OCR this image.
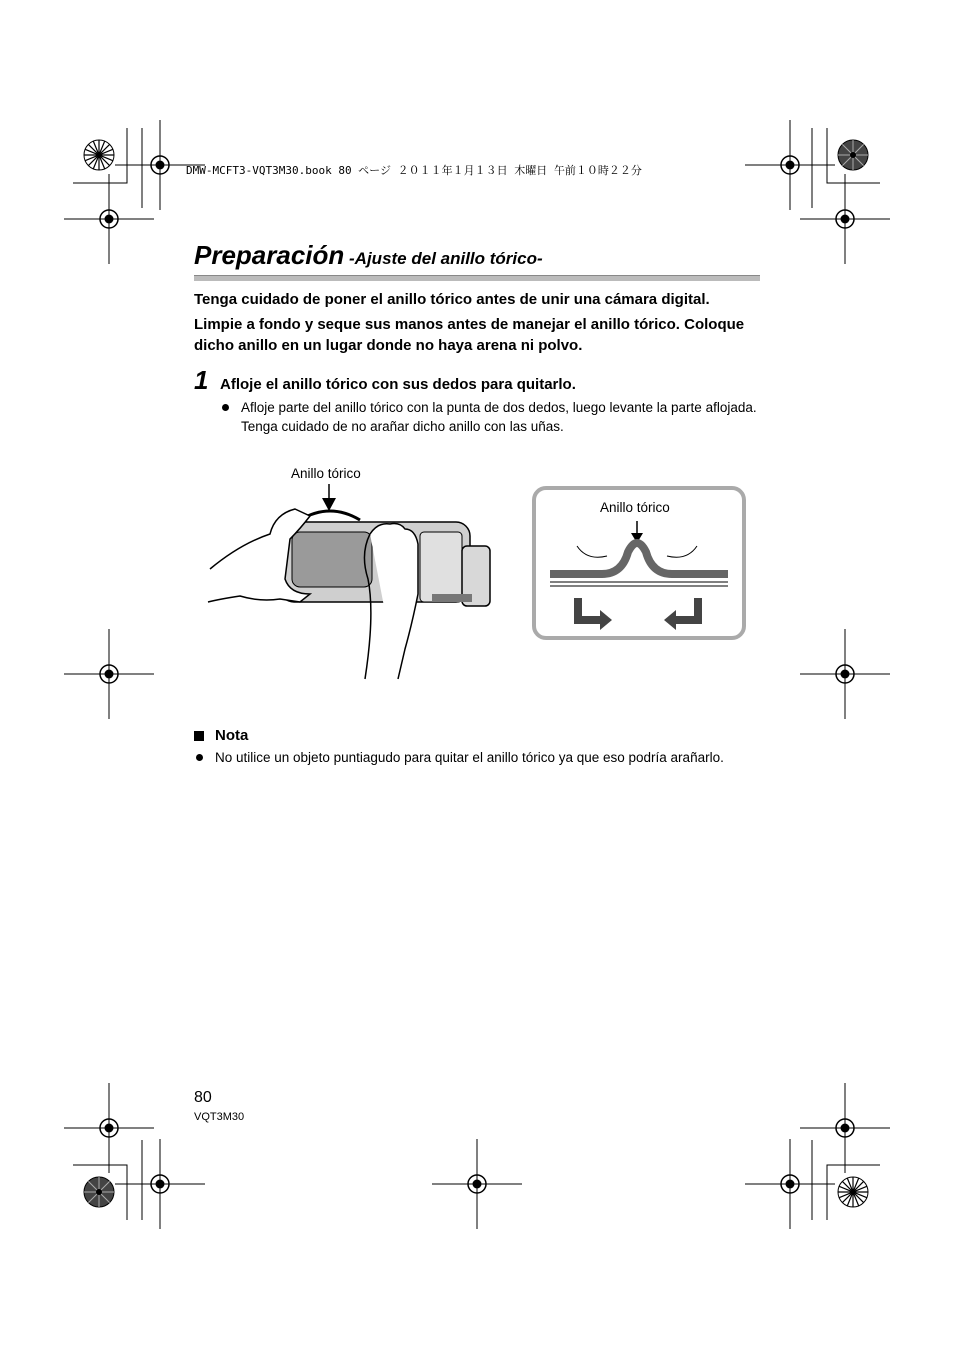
DMW-MCFT3-VQT3M30.book 80 ページ ２０１１年１月１３日 木曜日 午前１０時２２分
Preparación -Ajuste del anillo tórico-
Tenga cuidado de poner el anillo tórico antes de unir una cámara digital.
Limpie a fondo y seque sus manos antes de manejar el anillo tórico. Coloque dicho anillo en un lugar donde no haya arena ni polvo.
1 Afloje el anillo tórico con sus dedos para quitarlo.
Afloje parte del anillo tórico con la punta de dos dedos, luego levante la parte aflojada. Tenga cuidado de no arañar dicho anillo con las uñas.
Anillo tórico
Anillo tórico
Nota
No utilice un objeto puntiagudo para quitar el anillo tórico ya que eso podría arañarlo.
80
VQT3M30
